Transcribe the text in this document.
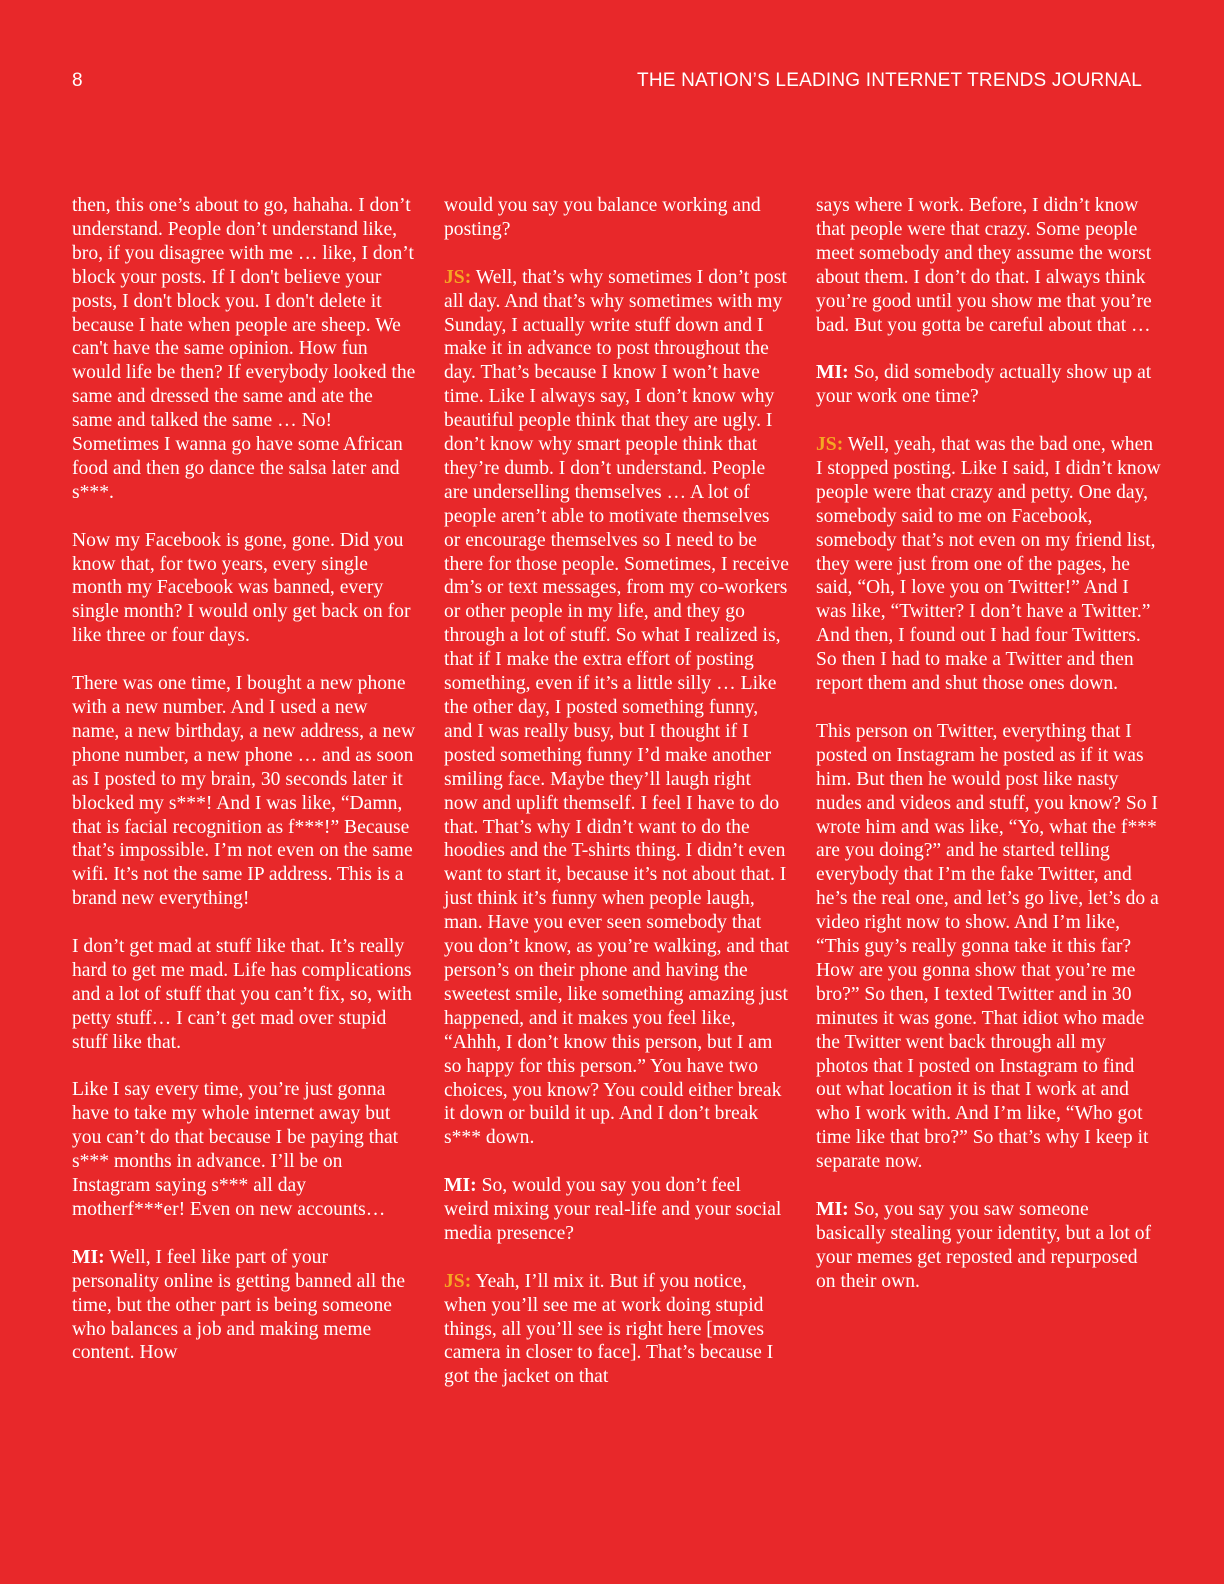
8	THE NATION’S LEADING INTERNET TRENDS JOURNAL

then, this one’s about to go, hahaha. I don’t understand. People don’t understand like, bro, if you disagree with me … like, I don’t block your posts. If I don't believe your posts, I don't block you. I don't delete it because I hate when people are sheep. We can't have the same opinion. How fun would life be then? If everybody looked the same and dressed the same and ate the same and talked the same … No! Sometimes I wanna go have some African food and then go dance the salsa later and s***.

Now my Facebook is gone, gone. Did you know that, for two years, every single month my Facebook was banned, every single month? I would only get back on for like three or four days.

There was one time, I bought a new phone with a new number. And I used a new name, a new birthday, a new address, a new phone number, a new phone … and as soon as I posted to my brain, 30 seconds later it blocked my s***! And I was like, “Damn, that is facial recognition as f***!” Because that’s impossible. I’m not even on the same wifi. It’s not the same IP address. This is a brand new everything!

I don’t get mad at stuff like that. It’s really hard to get me mad. Life has complications and a lot of stuff that you can’t fix, so, with petty stuff… I can’t get mad over stupid stuff like that.

Like I say every time, you’re just gonna have to take my whole internet away but you can’t do that because I be paying that s*** months in advance. I’ll be on Instagram saying s*** all day motherf***er! Even on new accounts…

MI: Well, I feel like part of your personality online is getting banned all the time, but the other part is being someone who balances a job and making meme content. How

would you say you balance working and posting?

JS: Well, that’s why sometimes I don’t post all day. And that’s why sometimes with my Sunday, I actually write stuff down and I make it in advance to post throughout the day. That’s because I know I won’t have time. Like I always say, I don’t know why beautiful people think that they are ugly. I don’t know why smart people think that they’re dumb. I don’t understand. People are underselling themselves … A lot of people aren’t able to motivate themselves or encourage themselves so I need to be there for those people. Sometimes, I receive dm’s or text messages, from my co-workers or other people in my life, and they go through a lot of stuff. So what I realized is, that if I make the extra effort of posting something, even if it’s a little silly … Like the other day, I posted something funny, and I was really busy, but I thought if I posted something funny I’d make another smiling face. Maybe they’ll laugh right now and uplift themself. I feel I have to do that. That’s why I didn’t want to do the hoodies and the T-shirts thing. I didn’t even want to start it, because it’s not about that. I just think it’s funny when people laugh, man. Have you ever seen somebody that you don’t know, as you’re walking, and that person’s on their phone and having the sweetest smile, like something amazing just happened, and it makes you feel like, “Ahhh, I don’t know this person, but I am so happy for this person.” You have two choices, you know? You could either break it down or build it up. And I don’t break s*** down.

MI: So, would you say you don’t feel weird mixing your real-life and your social media presence?

JS: Yeah, I’ll mix it. But if you notice, when you’ll see me at work doing stupid things, all you’ll see is right here [moves camera in closer to face]. That’s because I got the jacket on that

says where I work. Before, I didn’t know that people were that crazy. Some people meet somebody and they assume the worst about them. I don’t do that. I always think you’re good until you show me that you’re bad. But you gotta be careful about that …

MI: So, did somebody actually show up at your work one time?

JS: Well, yeah, that was the bad one, when I stopped posting. Like I said, I didn’t know people were that crazy and petty. One day, somebody said to me on Facebook, somebody that’s not even on my friend list, they were just from one of the pages, he said, “Oh, I love you on Twitter!” And I was like, “Twitter? I don’t have a Twitter.” And then, I found out I had four Twitters. So then I had to make a Twitter and then report them and shut those ones down.

This person on Twitter, everything that I posted on Instagram he posted as if it was him. But then he would post like nasty nudes and videos and stuff, you know? So I wrote him and was like, “Yo, what the f*** are you doing?” and he started telling everybody that I’m the fake Twitter, and he’s the real one, and let’s go live, let’s do a video right now to show. And I’m like, “This guy’s really gonna take it this far? How are you gonna show that you’re me bro?” So then, I texted Twitter and in 30 minutes it was gone. That idiot who made the Twitter went back through all my photos that I posted on Instagram to find out what location it is that I work at and who I work with. And I’m like, “Who got time like that bro?” So that’s why I keep it separate now.

MI: So, you say you saw someone basically stealing your identity, but a lot of your memes get reposted and repurposed on their own.
